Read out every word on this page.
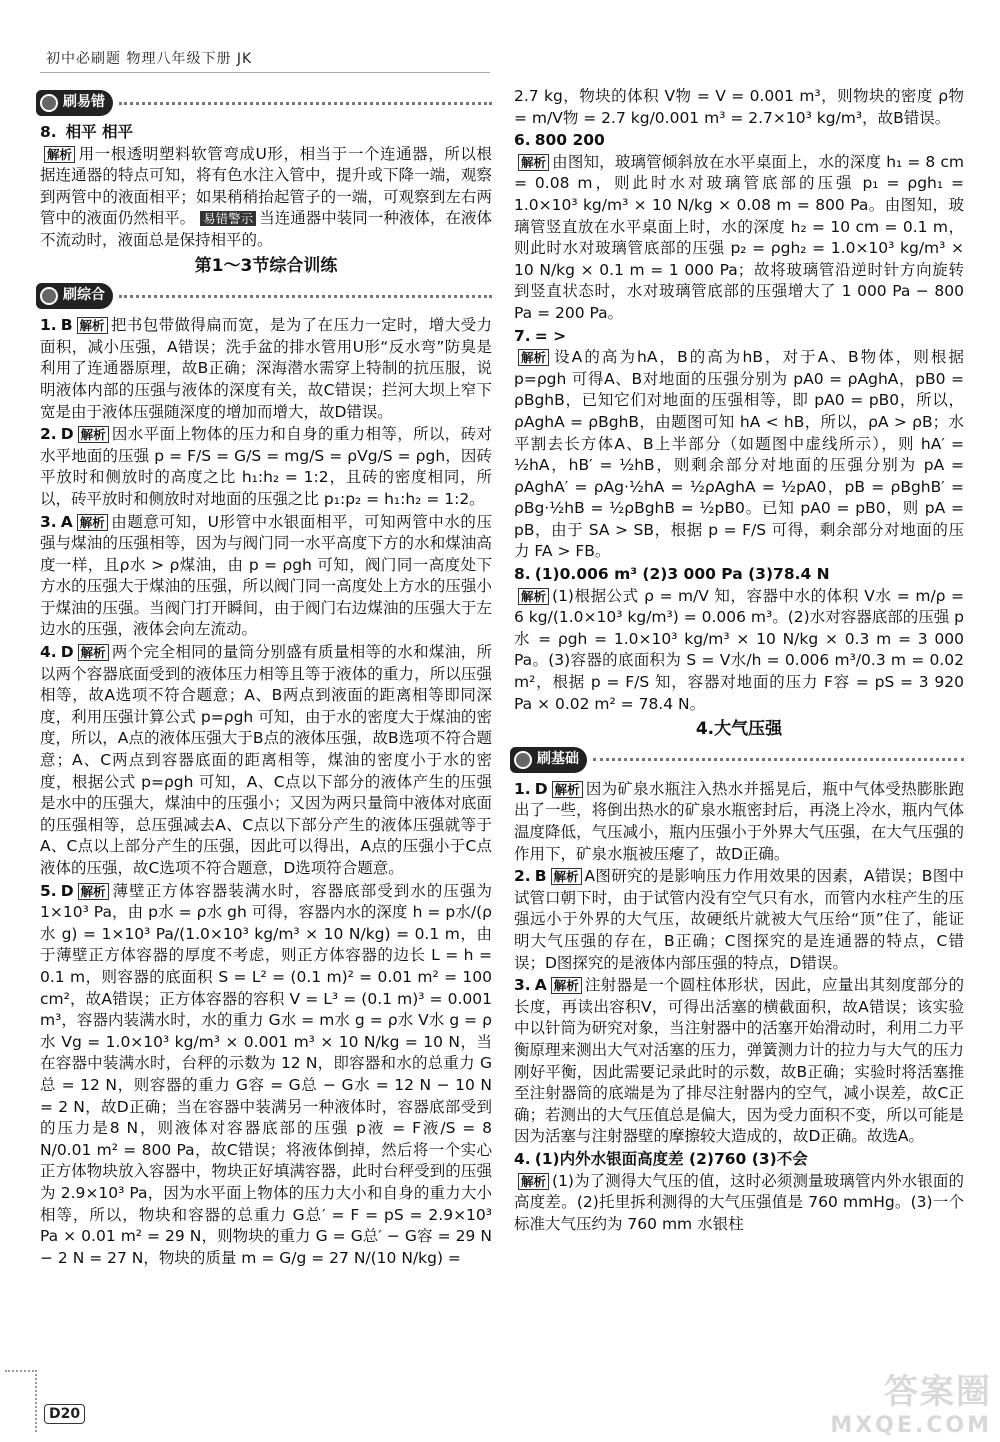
初中必刷题 物理八年级下册 JK
刷易错
8. 相平 相平
解析 用一根透明塑料软管弯成U形，相当于一个连通器，所以根据连通器的特点可知，将有色水注入管中，提升或下降一端，观察到两管中的液面相平；如果稍稍抬起管子的一端，可观察到左右两管中的液面仍然相平。 易错警示 当连通器中装同一种液体，在液体不流动时，液面总是保持相平的。
第1～3节综合训练
刷综合
1. B 解析 把书包带做得扁而宽，是为了在压力一定时，增大受力面积，减小压强，A错误；洗手盆的排水管用U形“反水弯”防臭是利用了连通器原理，故B正确；深海潜水需穿上特制的抗压服，说明液体内部的压强与液体的深度有关，故C错误；拦河大坝上窄下宽是由于液体压强随深度的增加而增大，故D错误。
2. D 解析 因水平面上物体的压力和自身的重力相等，所以，砖对水平地面的压强 p = F/S = G/S = mg/S = ρVg/S = ρgh，因砖平放时和侧放时的高度之比 h₁:h₂ = 1:2，且砖的密度相同，所以，砖平放时和侧放时对地面的压强之比 p₁:p₂ = h₁:h₂ = 1:2。
3. A 解析 由题意可知，U形管中水银面相平，可知两管中水的压强与煤油的压强相等，因为与阀门同一水平高度下方的水和煤油高度一样，且ρ水 > ρ煤油，由 p = ρgh 可知，阀门同一高度处下方水的压强大于煤油的压强，所以阀门同一高度处上方水的压强小于煤油的压强。当阀门打开瞬间，由于阀门右边煤油的压强大于左边水的压强，液体会向左流动。
4. D 解析 两个完全相同的量筒分别盛有质量相等的水和煤油，所以两个容器底面受到的液体压力相等且等于液体的重力，所以压强相等，故A选项不符合题意；A、B两点到液面的距离相等即同深度，利用压强计算公式 p=ρgh 可知，由于水的密度大于煤油的密度，所以，A点的液体压强大于B点的液体压强，故B选项不符合题意；A、C两点到容器底面的距离相等，煤油的密度小于水的密度，根据公式 p=ρgh 可知，A、C点以下部分的液体产生的压强是水中的压强大，煤油中的压强小；又因为两只量筒中液体对底面的压强相等，总压强减去A、C点以下部分产生的液体压强就等于A、C点以上部分产生的压强，因此可以得出，A点的压强小于C点液体的压强，故C选项不符合题意，D选项符合题意。
5. D 解析 薄壁正方体容器装满水时，容器底部受到水的压强为 1×10³ Pa，由 p水 = ρ水 gh 可得，容器内水的深度 h = p水/(ρ水 g) = 1×10³ Pa/(1.0×10³ kg/m³ × 10 N/kg) = 0.1 m，由于薄壁正方体容器的厚度不考虑，则正方体容器的边长 L = h = 0.1 m，则容器的底面积 S = L² = (0.1 m)² = 0.01 m² = 100 cm²，故A错误；正方体容器的容积 V = L³ = (0.1 m)³ = 0.001 m³，容器内装满水时，水的重力 G水 = m水 g = ρ水 V水 g = ρ水 Vg = 1.0×10³ kg/m³ × 0.001 m³ × 10 N/kg = 10 N，当在容器中装满水时，台秤的示数为 12 N，即容器和水的总重力 G总 = 12 N，则容器的重力 G容 = G总 − G水 = 12 N − 10 N = 2 N，故D正确；当在容器中装满另一种液体时，容器底部受到的压力是8 N，则液体对容器底部的压强 p液 = F液/S = 8 N/0.01 m² = 800 Pa，故C错误；将液体倒掉，然后将一个实心正方体物块放入容器中，物块正好填满容器，此时台秤受到的压强为 2.9×10³ Pa，因为水平面上物体的压力大小和自身的重力大小相等，所以，物块和容器的总重力 G总′ = F = pS = 2.9×10³ Pa × 0.01 m² = 29 N，则物块的重力 G = G总′ − G容 = 29 N − 2 N = 27 N，物块的质量 m = G/g = 27 N/(10 N/kg) =
2.7 kg，物块的体积 V物 = V = 0.001 m³，则物块的密度 ρ物 = m/V物 = 2.7 kg/0.001 m³ = 2.7×10³ kg/m³，故B错误。
6. 800 200
解析 由图知，玻璃管倾斜放在水平桌面上，水的深度 h₁ = 8 cm = 0.08 m，则此时水对玻璃管底部的压强 p₁ = ρgh₁ = 1.0×10³ kg/m³ × 10 N/kg × 0.08 m = 800 Pa。由图知，玻璃管竖直放在水平桌面上时，水的深度 h₂ = 10 cm = 0.1 m，则此时水对玻璃管底部的压强 p₂ = ρgh₂ = 1.0×10³ kg/m³ × 10 N/kg × 0.1 m = 1 000 Pa；故将玻璃管沿逆时针方向旋转到竖直状态时，水对玻璃管底部的压强增大了 1 000 Pa − 800 Pa = 200 Pa。
7. = >
解析 设A的高为hA，B的高为hB，对于A、B物体，则根据 p=ρgh 可得A、B对地面的压强分别为 pA0 = ρAghA，pB0 = ρBghB，已知它们对地面的压强相等，即 pA0 = pB0，所以，ρAghA = ρBghB，由题图可知 hA < hB，所以，ρA > ρB；水平割去长方体A、B上半部分（如题图中虚线所示），则 hA′ = ½hA，hB′ = ½hB，则剩余部分对地面的压强分别为 pA = ρAghA′ = ρAg·½hA = ½ρAghA = ½pA0，pB = ρBghB′ = ρBg·½hB = ½ρBghB = ½pB0。已知 pA0 = pB0，则 pA = pB，由于 SA > SB，根据 p = F/S 可得，剩余部分对地面的压力 FA > FB。
8. (1)0.006 m³ (2)3 000 Pa (3)78.4 N
解析 (1)根据公式 ρ = m/V 知，容器中水的体积 V水 = m/ρ = 6 kg/(1.0×10³ kg/m³) = 0.006 m³。(2)水对容器底部的压强 p水 = ρgh = 1.0×10³ kg/m³ × 10 N/kg × 0.3 m = 3 000 Pa。(3)容器的底面积为 S = V水/h = 0.006 m³/0.3 m = 0.02 m²，根据 p = F/S 知，容器对地面的压力 F容 = pS = 3 920 Pa × 0.02 m² = 78.4 N。
4.大气压强
刷基础
1. D 解析 因为矿泉水瓶注入热水并摇晃后，瓶中气体受热膨胀跑出了一些，将倒出热水的矿泉水瓶密封后，再浇上冷水，瓶内气体温度降低，气压减小，瓶内压强小于外界大气压强，在大气压强的作用下，矿泉水瓶被压瘪了，故D正确。
2. B 解析 A图研究的是影响压力作用效果的因素，A错误；B图中试管口朝下时，由于试管内没有空气只有水，而管内水柱产生的压强远小于外界的大气压，故硬纸片就被大气压给“顶”住了，能证明大气压强的存在，B正确；C图探究的是连通器的特点，C错误；D图探究的是液体内部压强的特点，D错误。
3. A 解析 注射器是一个圆柱体形状，因此，应量出其刻度部分的长度，再读出容积V，可得出活塞的横截面积，故A错误；该实验中以针筒为研究对象，当注射器中的活塞开始滑动时，利用二力平衡原理来测出大气对活塞的压力，弹簧测力计的拉力与大气的压力刚好平衡，因此需要记录此时的示数，故B正确；实验时将活塞推至注射器筒的底端是为了排尽注射器内的空气，减小误差，故C正确；若测出的大气压值总是偏大，因为受力面积不变，所以可能是因为活塞与注射器壁的摩擦较大造成的，故D正确。故选A。
4. (1)内外水银面高度差 (2)760 (3)不会
解析 (1)为了测得大气压的值，这时必须测量玻璃管内外水银面的高度差。(2)托里拆利测得的大气压强值是 760 mmHg。(3)一个标准大气压约为 760 mm 水银柱
D20
答案圈
MXQE.COM
